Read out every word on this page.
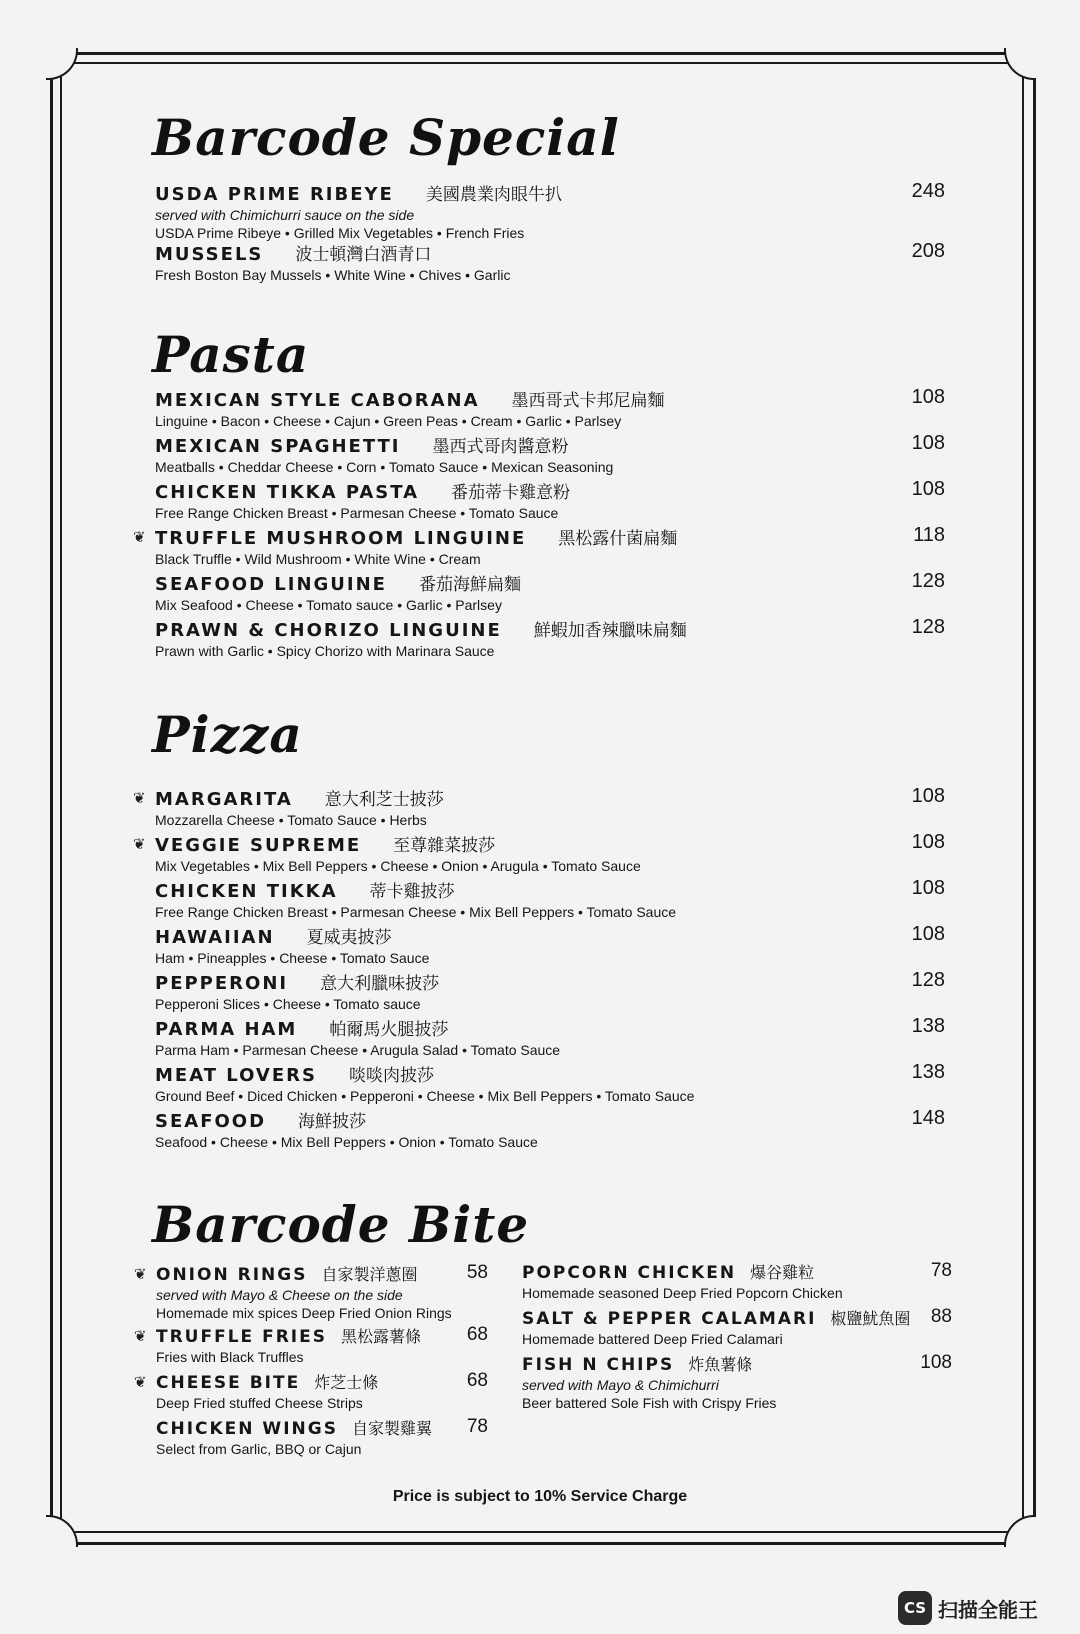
Barcode Special
USDA PRIME RIBEYE 美國農業肉眼牛扒	248
served with Chimichurri sauce on the side
USDA Prime Ribeye • Grilled Mix Vegetables • French Fries
MUSSELS 波士頓灣白酒青口	208
Fresh Boston Bay Mussels • White Wine • Chives • Garlic
Pasta
MEXICAN STYLE CABORANA 墨西哥式卡邦尼扁麵	108
Linguine • Bacon • Cheese • Cajun • Green Peas • Cream • Garlic • Parlsey
MEXICAN SPAGHETTI 墨西式哥肉醬意粉	108
Meatballs • Cheddar Cheese • Corn • Tomato Sauce • Mexican Seasoning
CHICKEN TIKKA PASTA 番茄蒂卡雞意粉	108
Free Range Chicken Breast • Parmesan Cheese • Tomato Sauce
❦ TRUFFLE MUSHROOM LINGUINE 黑松露什菌扁麵	118
Black Truffle • Wild Mushroom • White Wine • Cream
SEAFOOD LINGUINE 番茄海鮮扁麵	128
Mix Seafood • Cheese • Tomato sauce • Garlic • Parlsey
PRAWN & CHORIZO LINGUINE 鮮蝦加香辣臘味扁麵	128
Prawn with Garlic • Spicy Chorizo with Marinara Sauce
Pizza
❦ MARGARITA 意大利芝士披莎	108
Mozzarella Cheese • Tomato Sauce • Herbs
❦ VEGGIE SUPREME 至尊雜菜披莎	108
Mix Vegetables • Mix Bell Peppers • Cheese • Onion • Arugula • Tomato Sauce
CHICKEN TIKKA 蒂卡雞披莎	108
Free Range Chicken Breast • Parmesan Cheese • Mix Bell Peppers • Tomato Sauce
HAWAIIAN 夏威夷披莎	108
Ham • Pineapples • Cheese • Tomato Sauce
PEPPERONI 意大利臘味披莎	128
Pepperoni Slices • Cheese • Tomato sauce
PARMA HAM 帕爾馬火腿披莎	138
Parma Ham • Parmesan Cheese • Arugula Salad • Tomato Sauce
MEAT LOVERS 啖啖肉披莎	138
Ground Beef • Diced Chicken • Pepperoni • Cheese • Mix Bell Peppers • Tomato Sauce
SEAFOOD 海鮮披莎	148
Seafood • Cheese • Mix Bell Peppers • Onion • Tomato Sauce
Barcode Bite
❦ ONION RINGS 自家製洋蔥圈	58
served with Mayo & Cheese on the side
Homemade mix spices Deep Fried Onion Rings
❦ TRUFFLE FRIES 黑松露薯條 68
Fries with Black Truffles
❦ CHEESE BITE 炸芝士條	68
Deep Fried stuffed Cheese Strips
CHICKEN WINGS 自家製雞翼 78
Select from Garlic, BBQ or Cajun
POPCORN CHICKEN 爆谷雞粒	78
Homemade seasoned Deep Fried Popcorn Chicken
SALT & PEPPER CALAMARI 椒鹽魷魚圈 88
Homemade battered Deep Fried Calamari
FISH N CHIPS 炸魚薯條	108
served with Mayo & Chimichurri
Beer battered Sole Fish with Crispy Fries
Price is subject to 10% Service Charge
CS 扫描全能王
